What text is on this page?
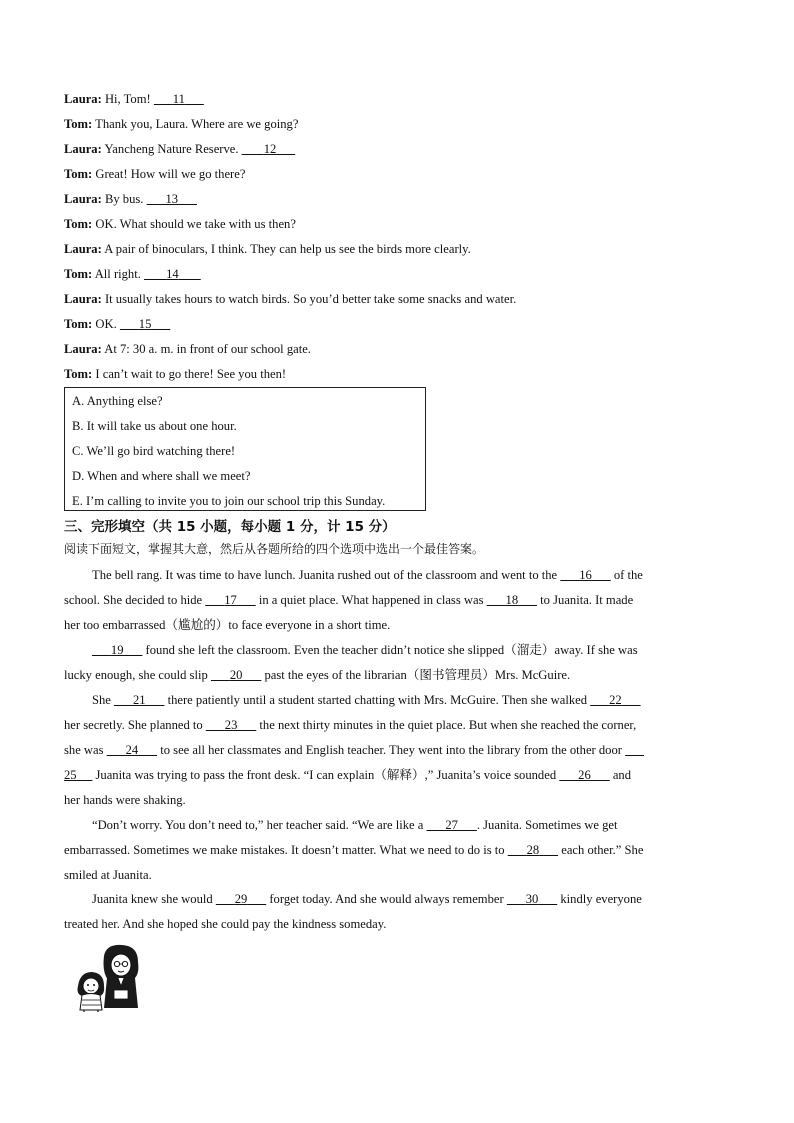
Laura: Hi, Tom! 11
Tom: Thank you, Laura. Where are we going?
Laura: Yancheng Nature Reserve. 12
Tom: Great! How will we go there?
Laura: By bus. 13
Tom: OK. What should we take with us then?
Laura: A pair of binoculars, I think. They can help us see the birds more clearly.
Tom: All right. 14
Laura: It usually takes hours to watch birds. So you’d better take some snacks and water.
Tom: OK. 15
Laura: At 7: 30 a. m. in front of our school gate.
Tom: I can’t wait to go there! See you then!
A. Anything else?
B. It will take us about one hour.
C. We’ll go bird watching there!
D. When and where shall we meet?
E. I’m calling to invite you to join our school trip this Sunday.
三、完形填空（共 15 小题，每小题 1 分，计 15 分）
阅读下面短文，掌握其大意，然后从各题所给的四个选项中选出一个最佳答案。
The bell rang. It was time to have lunch. Juanita rushed out of the classroom and went to the 16 of the
school. She decided to hide 17 in a quiet place. What happened in class was 18 to Juanita. It made
her too embarrassed（尴尬的）to face everyone in a short time.
19 found she left the classroom. Even the teacher didn’t notice she slipped（溜走）away. If she was
lucky enough, she could slip 20 past the eyes of the librarian（图书管理员）Mrs. McGuire.
She 21 there patiently until a student started chatting with Mrs. McGuire. Then she walked 22
her secretly. She planned to 23 the next thirty minutes in the quiet place. But when she reached the corner,
she was 24 to see all her classmates and English teacher. They went into the library from the other door
25 Juanita was trying to pass the front desk. “I can explain（解释）,” Juanita’s voice sounded 26 and
her hands were shaking.
“Don’t worry. You don’t need to,” her teacher said. “We are like a 27 . Juanita. Sometimes we get
embarrassed. Sometimes we make mistakes. It doesn’t matter. What we need to do is to 28 each other.” She
smiled at Juanita.
Juanita knew she would 29 forget today. And she would always remember 30 kindly everyone
treated her. And she hoped she could pay the kindness someday.
